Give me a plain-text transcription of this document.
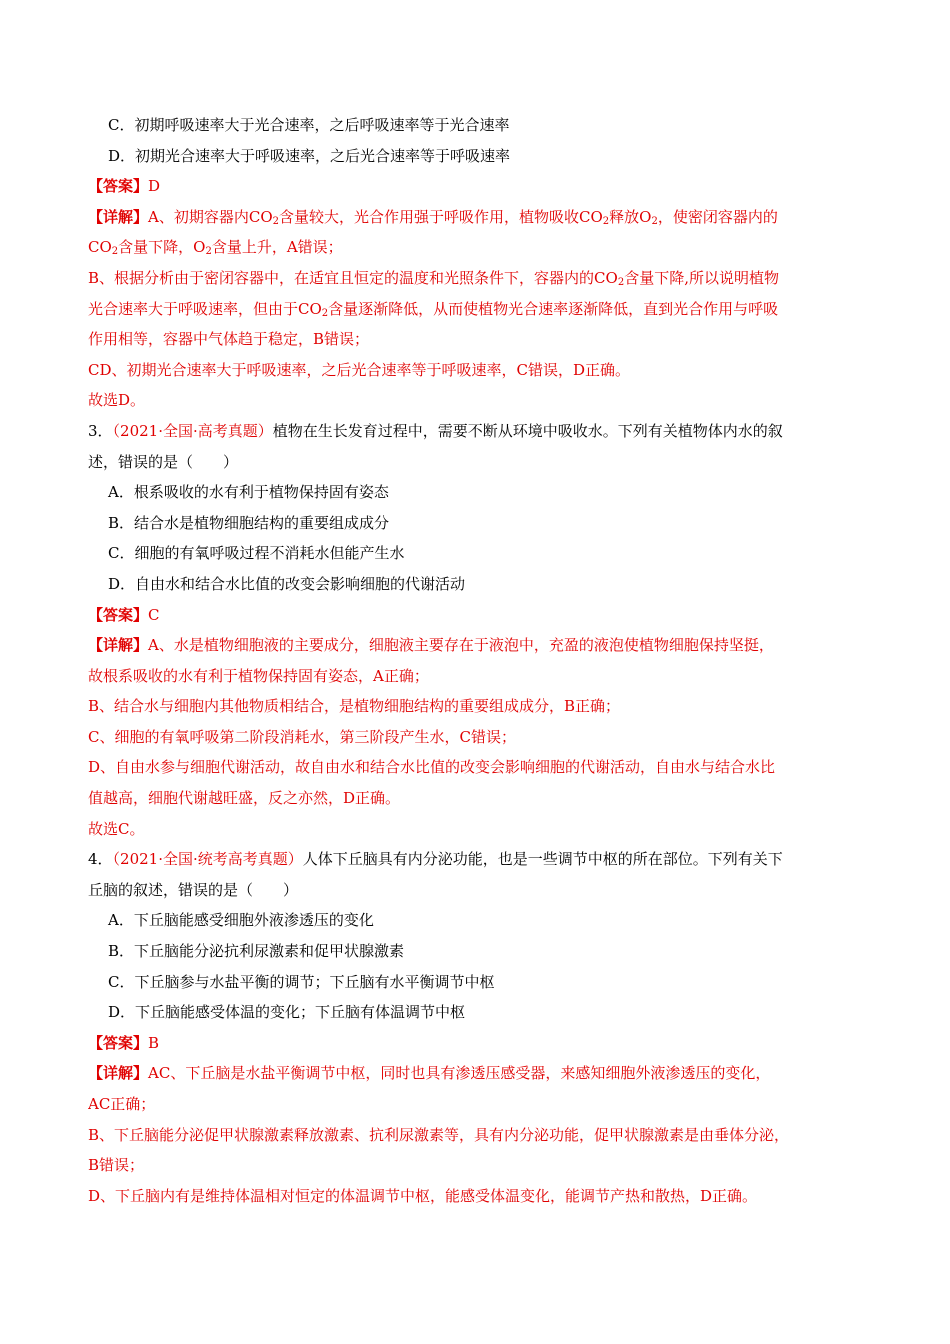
C．初期呼吸速率大于光合速率，之后呼吸速率等于光合速率
D．初期光合速率大于呼吸速率，之后光合速率等于呼吸速率
【答案】D
【详解】A、初期容器内$CO_2$含量较大，光合作用强于呼吸作用，植物吸收$CO_2$释放$O_2$，使密闭容器内的
$CO_2$含量下降，$O_2$含量上升，A错误；
B、根据分析由于密闭容器中，在适宜且恒定的温度和光照条件下，容器内的$CO_2$含量下降,所以说明植物
光合速率大于呼吸速率，但由于$CO_2$含量逐渐降低，从而使植物光合速率逐渐降低，直到光合作用与呼吸
作用相等，容器中气体趋于稳定，B错误；
CD、初期光合速率大于呼吸速率，之后光合速率等于呼吸速率，C错误，D正确。
故选D。
3．（2021·全国·高考真题）植物在生长发育过程中，需要不断从环境中吸收水。下列有关植物体内水的叙
述，错误的是（　　）
A．根系吸收的水有利于植物保持固有姿态
B．结合水是植物细胞结构的重要组成成分
C．细胞的有氧呼吸过程不消耗水但能产生水
D．自由水和结合水比值的改变会影响细胞的代谢活动
【答案】C
【详解】A、水是植物细胞液的主要成分，细胞液主要存在于液泡中，充盈的液泡使植物细胞保持坚挺，
故根系吸收的水有利于植物保持固有姿态，A正确；
B、结合水与细胞内其他物质相结合，是植物细胞结构的重要组成成分，B正确；
C、细胞的有氧呼吸第二阶段消耗水，第三阶段产生水，C错误；
D、自由水参与细胞代谢活动，故自由水和结合水比值的改变会影响细胞的代谢活动，自由水与结合水比
值越高，细胞代谢越旺盛，反之亦然，D正确。
故选C。
4．（2021·全国·统考高考真题）人体下丘脑具有内分泌功能，也是一些调节中枢的所在部位。下列有关下
丘脑的叙述，错误的是（　　）
A．下丘脑能感受细胞外液渗透压的变化
B．下丘脑能分泌抗利尿激素和促甲状腺激素
C．下丘脑参与水盐平衡的调节；下丘脑有水平衡调节中枢
D．下丘脑能感受体温的变化；下丘脑有体温调节中枢
【答案】B
【详解】AC、下丘脑是水盐平衡调节中枢，同时也具有渗透压感受器，来感知细胞外液渗透压的变化，
AC正确；
B、下丘脑能分泌促甲状腺激素释放激素、抗利尿激素等，具有内分泌功能，促甲状腺激素是由垂体分泌，
B错误；
D、下丘脑内有是维持体温相对恒定的体温调节中枢，能感受体温变化，能调节产热和散热，D正确。
